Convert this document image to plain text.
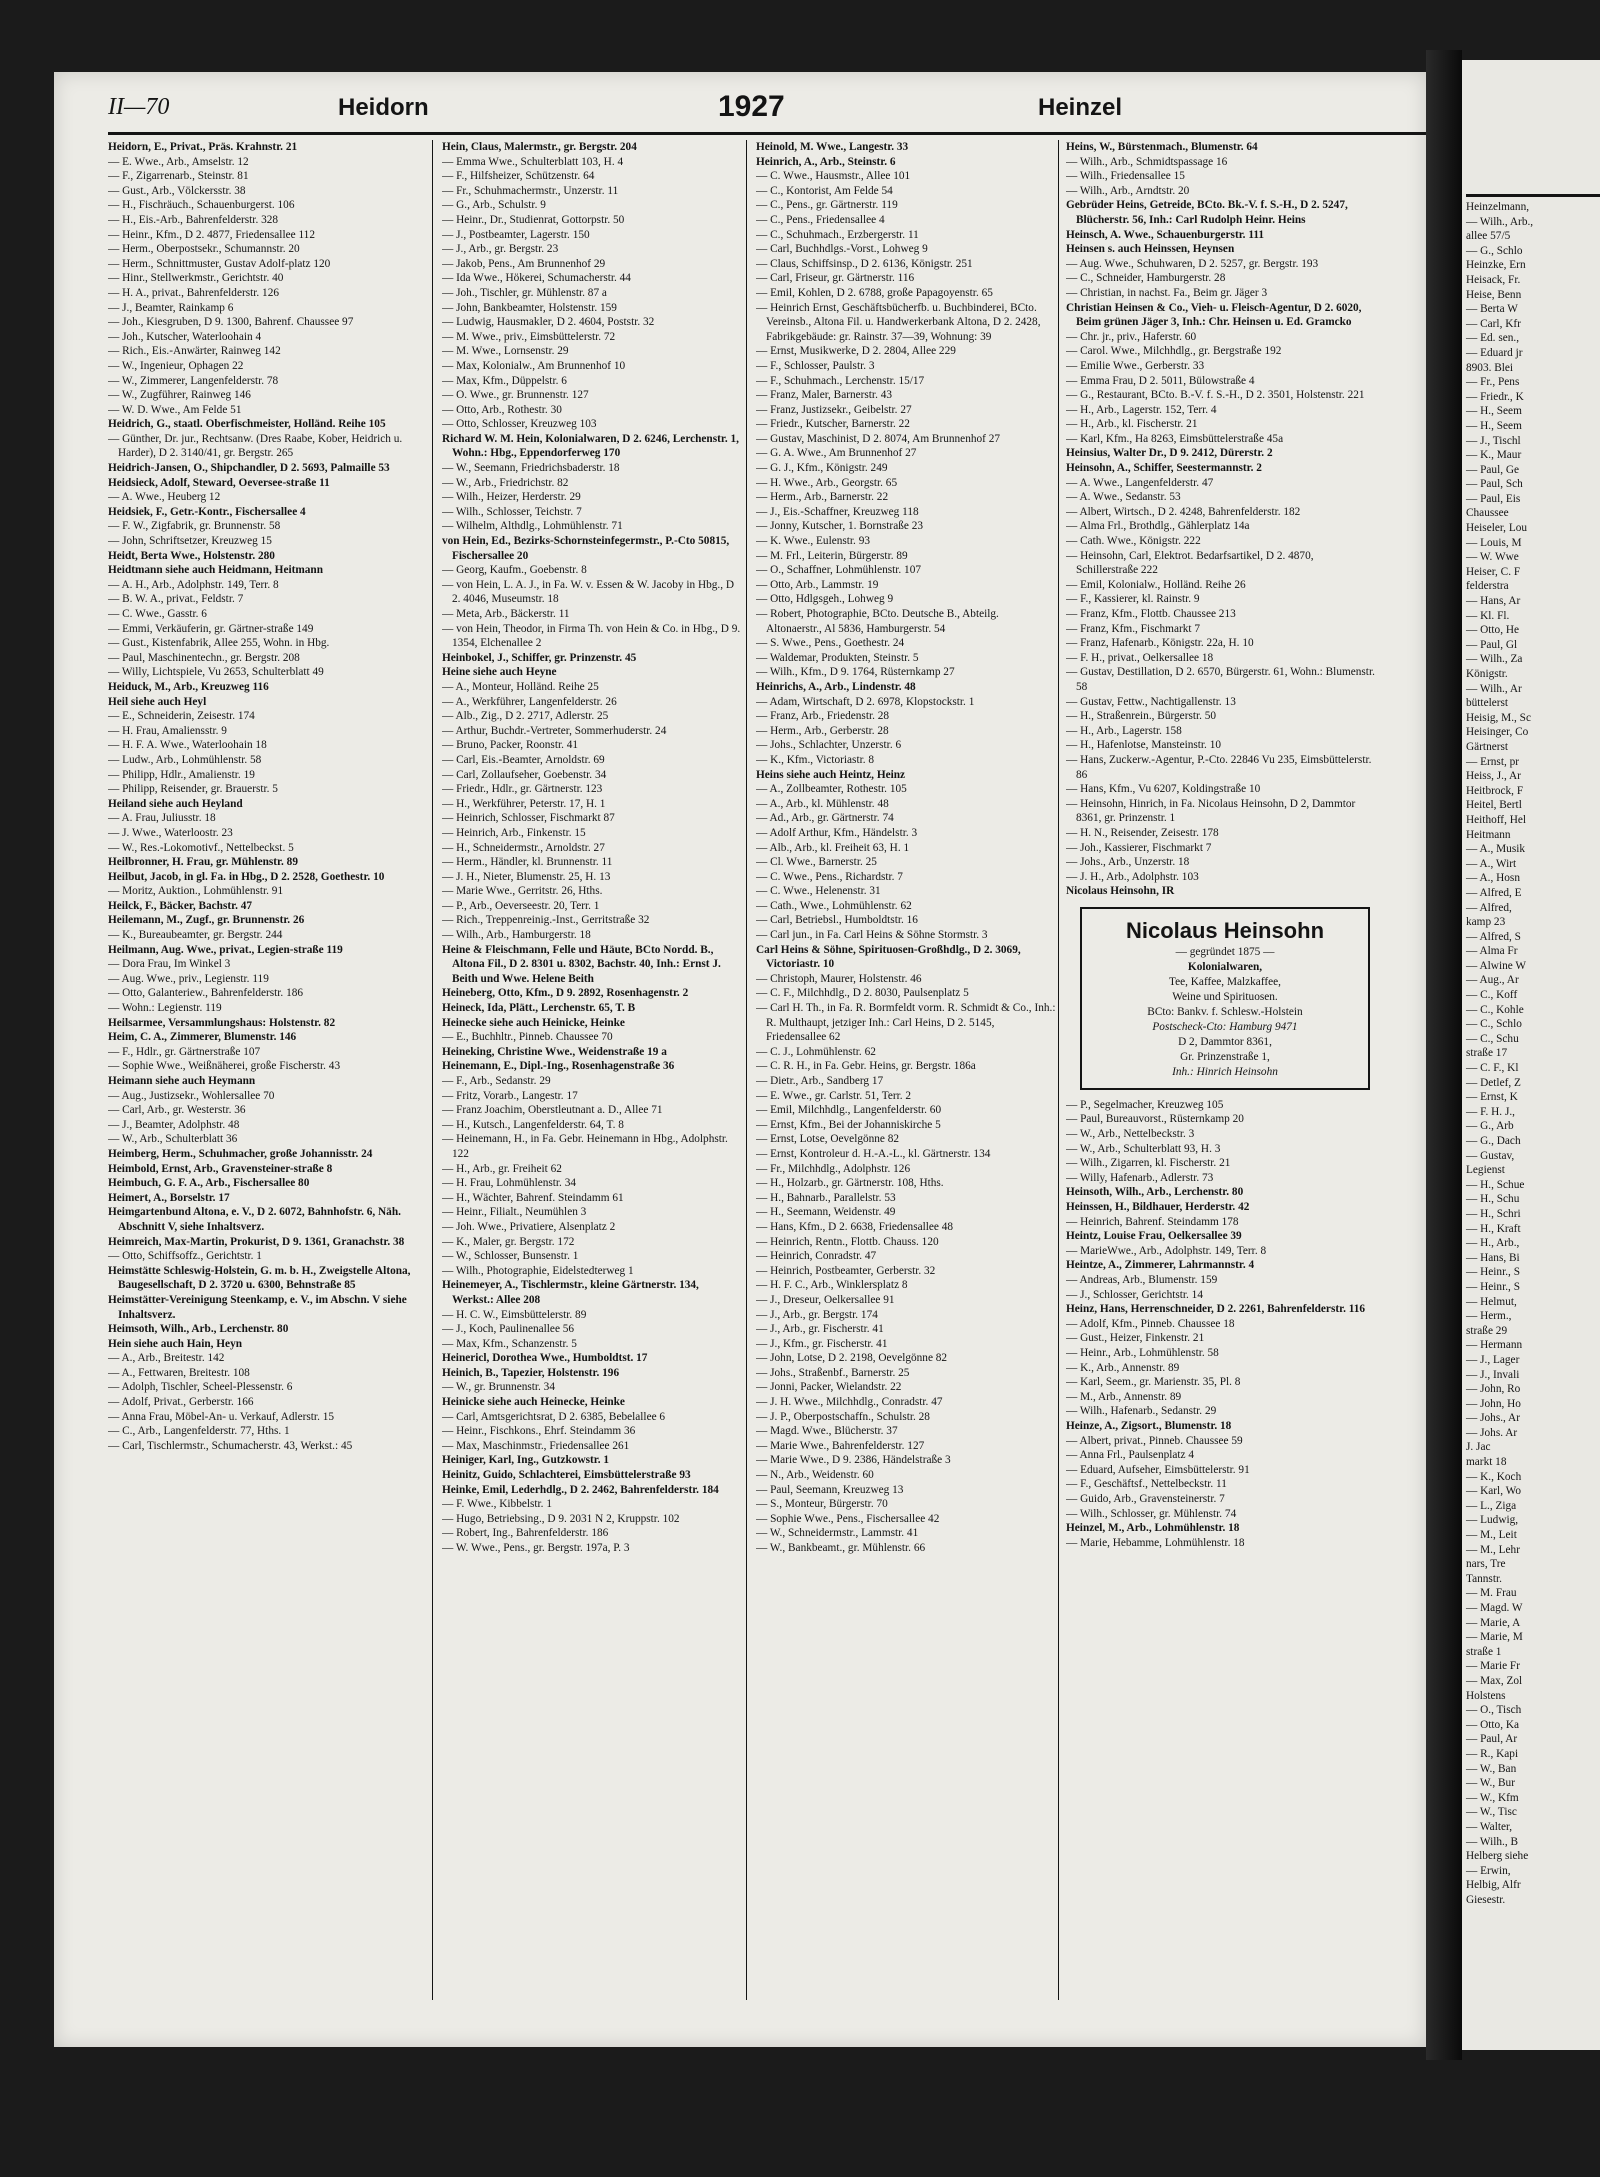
Heinzelmann,
— Wilh., Arb.,
allee 57/5
— G., Schlo
Heinzke, Ern
Heisack, Fr.
Heise, Benn
— Berta W
— Carl, Kfr
— Ed. sen.,
— Eduard jr
8903. Blei
— Fr., Pens
— Friedr., K
— H., Seem
— H., Seem
— J., Tischl
— K., Maur
— Paul, Ge
— Paul, Sch
— Paul, Eis
Chaussee
Heiseler, Lou
— Louis, M
— W. Wwe
Heiser, C. F
felderstra
— Hans, Ar
— Kl. Fl.
— Otto, He
— Paul, Gl
— Wilh., Za
Königstr.
— Wilh., Ar
büttelerst
Heisig, M., Sc
Heisinger, Co
Gärtnerst
— Ernst, pr
Heiss, J., Ar
Heitbrock, F
Heitel, Bertl
Heithoff, Hel
Heitmann
— A., Musik
— A., Wirt
— A., Hosn
— Alfred, E
— Alfred,
kamp 23
— Alfred, S
— Alma Fr
— Alwine W
— Aug., Ar
— C., Koff
— C., Kohle
— C., Schlo
— C., Schu
straße 17
— C. F., Kl
— Detlef, Z
— Ernst, K
— F. H. J.,
— G., Arb
— G., Dach
— Gustav,
Legienst
— H., Schue
— H., Schu
— H., Schri
— H., Kraft
— H., Arb.,
— Hans, Bi
— Heinr., S
— Heinr., S
— Helmut,
— Herm.,
straße 29
— Hermann
— J., Lager
— J., Invali
— John, Ro
— John, Ho
— Johs., Ar
— Johs. Ar
J. Jac
markt 18
— K., Koch
— Karl, Wo
— L., Ziga
— Ludwig,
— M., Leit
— M., Lehr
nars, Tre
Tannstr.
— M. Frau
— Magd. W
— Marie, A
— Marie, M
straße 1
— Marie Fr
— Max, Zol
Holstens
— O., Tisch
— Otto, Ka
— Paul, Ar
— R., Kapi
— W., Ban
— W., Bur
— W., Kfm
— W., Tisc
— Walter,
— Wilh., B
Helberg siehe
— Erwin,
Helbig, Alfr
Giesestr.
II—70	Heidorn	1927	Heinzel

Heidorn, E., Privat., Präs. Krahnstr. 21

— E. Wwe., Arb., Amselstr. 12

— F., Zigarrenarb., Steinstr. 81

— Gust., Arb., Völckersstr. 38

— H., Fischräuch., Schauenburgerst. 106

— H., Eis.-Arb., Bahrenfelderstr. 328

— Heinr., Kfm., D 2. 4877, Friedensallee 112

— Herm., Oberpostsekr., Schumannstr. 20

— Herm., Schnittmuster, Gustav Adolf-platz 120

— Hinr., Stellwerkmstr., Gerichtstr. 40

— H. A., privat., Bahrenfelderstr. 126

— J., Beamter, Rainkamp 6

— Joh., Kiesgruben, D 9. 1300, Bahrenf. Chaussee 97

— Joh., Kutscher, Waterloohain 4

— Rich., Eis.-Anwärter, Rainweg 142

— W., Ingenieur, Ophagen 22

— W., Zimmerer, Langenfelderstr. 78

— W., Zugführer, Rainweg 146

— W. D. Wwe., Am Felde 51

Heidrich, G., staatl. Oberfischmeister, Holländ. Reihe 105

— Günther, Dr. jur., Rechtsanw. (Dres Raabe, Kober, Heidrich u. Harder), D 2. 3140/41, gr. Bergstr. 265

Heidrich-Jansen, O., Shipchandler, D 2. 5693, Palmaille 53

Heidsieck, Adolf, Steward, Oeversee-straße 11

— A. Wwe., Heuberg 12

Heidsiek, F., Getr.-Kontr., Fischersallee 4

— F. W., Zigfabrik, gr. Brunnenstr. 58

— John, Schriftsetzer, Kreuzweg 15

Heidt, Berta Wwe., Holstenstr. 280

Heidtmann siehe auch Heidmann, Heitmann

— A. H., Arb., Adolphstr. 149, Terr. 8

— B. W. A., privat., Feldstr. 7

— C. Wwe., Gasstr. 6

— Emmi, Verkäuferin, gr. Gärtner-straße 149

— Gust., Kistenfabrik, Allee 255, Wohn. in Hbg.

— Paul, Maschinentechn., gr. Bergstr. 208

— Willy, Lichtspiele, Vu 2653, Schulterblatt 49

Heiduck, M., Arb., Kreuzweg 116

Heil siehe auch Heyl

— E., Schneiderin, Zeisestr. 174

— H. Frau, Amaliensstr. 9

— H. F. A. Wwe., Waterloohain 18

— Ludw., Arb., Lohmühlenstr. 58

— Philipp, Hdlr., Amalienstr. 19

— Philipp, Reisender, gr. Brauerstr. 5

Heiland siehe auch Heyland

— A. Frau, Juliusstr. 18

— J. Wwe., Waterloostr. 23

— W., Res.-Lokomotivf., Nettelbeckst. 5

Heilbronner, H. Frau, gr. Mühlenstr. 89

Heilbut, Jacob, in gl. Fa. in Hbg., D 2. 2528, Goethestr. 10

— Moritz, Auktion., Lohmühlenstr. 91

Heilck, F., Bäcker, Bachstr. 47

Heilemann, M., Zugf., gr. Brunnenstr. 26

— K., Bureaubeamter, gr. Bergstr. 244

Heilmann, Aug. Wwe., privat., Legien-straße 119

— Dora Frau, Im Winkel 3

— Aug. Wwe., priv., Legienstr. 119

— Otto, Galanteriew., Bahrenfelderstr. 186

— Wohn.: Legienstr. 119

Heilsarmee, Versammlungshaus: Holstenstr. 82

Heim, C. A., Zimmerer, Blumenstr. 146

— F., Hdlr., gr. Gärtnerstraße 107

— Sophie Wwe., Weißnäherei, große Fischerstr. 43

Heimann siehe auch Heymann

— Aug., Justizsekr., Wohlersallee 70

— Carl, Arb., gr. Westerstr. 36

— J., Beamter, Adolphstr. 48

— W., Arb., Schulterblatt 36

Heimberg, Herm., Schuhmacher, große Johannisstr. 24

Heimbold, Ernst, Arb., Gravensteiner-straße 8

Heimbuch, G. F. A., Arb., Fischersallee 80

Heimert, A., Borselstr. 17

Heimgartenbund Altona, e. V., D 2. 6072, Bahnhofstr. 6, Näh. Abschnitt V, siehe Inhaltsverz.

Heimreich, Max-Martin, Prokurist, D 9. 1361, Granachstr. 38

— Otto, Schiffsoffz., Gerichtstr. 1

Heimstätte Schleswig-Holstein, G. m. b. H., Zweigstelle Altona, Baugesellschaft, D 2. 3720 u. 6300, Behnstraße 85

Heimstätter-Vereinigung Steenkamp, e. V., im Abschn. V siehe Inhaltsverz.

Heimsoth, Wilh., Arb., Lerchenstr. 80

Hein siehe auch Hain, Heyn

— A., Arb., Breitestr. 142

— A., Fettwaren, Breitestr. 108

— Adolph, Tischler, Scheel-Plessenstr. 6

— Adolf, Privat., Gerberstr. 166

— Anna Frau, Möbel-An- u. Verkauf, Adlerstr. 15

— C., Arb., Langenfelderstr. 77, Hths. 1

— Carl, Tischlermstr., Schumacherstr. 43, Werkst.: 45

Hein, Claus, Malermstr., gr. Bergstr. 204

— Emma Wwe., Schulterblatt 103, H. 4

— F., Hilfsheizer, Schützenstr. 64

— Fr., Schuhmachermstr., Unzerstr. 11

— G., Arb., Schulstr. 9

— Heinr., Dr., Studienrat, Gottorpstr. 50

— J., Postbeamter, Lagerstr. 150

— J., Arb., gr. Bergstr. 23

— Jakob, Pens., Am Brunnenhof 29

— Ida Wwe., Hökerei, Schumacherstr. 44

— Joh., Tischler, gr. Mühlenstr. 87 a

— John, Bankbeamter, Holstenstr. 159

— Ludwig, Hausmakler, D 2. 4604, Poststr. 32

— M. Wwe., priv., Eimsbüttelerstr. 72

— M. Wwe., Lornsenstr. 29

— Max, Kolonialw., Am Brunnenhof 10

— Max, Kfm., Düppelstr. 6

— O. Wwe., gr. Brunnenstr. 127

— Otto, Arb., Rothestr. 30

— Otto, Schlosser, Kreuzweg 103

Richard W. M. Hein, Kolonialwaren, D 2. 6246, Lerchenstr. 1, Wohn.: Hbg., Eppendorferweg 170

— W., Seemann, Friedrichsbaderstr. 18

— W., Arb., Friedrichstr. 82

— Wilh., Heizer, Herderstr. 29

— Wilh., Schlosser, Teichstr. 7

— Wilhelm, Althdlg., Lohmühlenstr. 71

von Hein, Ed., Bezirks-Schornsteinfegermstr., P.-Cto 50815, Fischersallee 20

— Georg, Kaufm., Goebenstr. 8

— von Hein, L. A. J., in Fa. W. v. Essen & W. Jacoby in Hbg., D 2. 4046, Museumstr. 18

— Meta, Arb., Bäckerstr. 11

— von Hein, Theodor, in Firma Th. von Hein & Co. in Hbg., D 9. 1354, Elchenallee 2

Heinbokel, J., Schiffer, gr. Prinzenstr. 45

Heine siehe auch Heyne

— A., Monteur, Holländ. Reihe 25

— A., Werkführer, Langenfelderstr. 26

— Alb., Zig., D 2. 2717, Adlerstr. 25

— Arthur, Buchdr.-Vertreter, Sommerhuderstr. 24

— Bruno, Packer, Roonstr. 41

— Carl, Eis.-Beamter, Arnoldstr. 69

— Carl, Zollaufseher, Goebenstr. 34

— Friedr., Hdlr., gr. Gärtnerstr. 123

— H., Werkführer, Peterstr. 17, H. 1

— Heinrich, Schlosser, Fischmarkt 87

— Heinrich, Arb., Finkenstr. 15

— H., Schneidermstr., Arnoldstr. 27

— Herm., Händler, kl. Brunnenstr. 11

— J. H., Nieter, Blumenstr. 25, H. 13

— Marie Wwe., Gerritstr. 26, Hths.

— P., Arb., Oeverseestr. 20, Terr. 1

— Rich., Treppenreinig.-Inst., Gerritstraße 32

— Wilh., Arb., Hamburgerstr. 18

Heine & Fleischmann, Felle und Häute, BCto Nordd. B., Altona Fil., D 2. 8301 u. 8302, Bachstr. 40, Inh.: Ernst J. Beith und Wwe. Helene Beith

Heineberg, Otto, Kfm., D 9. 2892, Rosenhagenstr. 2

Heineck, Ida, Plätt., Lerchenstr. 65, T. B

Heinecke siehe auch Heinicke, Heinke

— E., Buchhltr., Pinneb. Chaussee 70

Heineking, Christine Wwe., Weidenstraße 19 a

Heinemann, E., Dipl.-Ing., Rosenhagenstraße 36

— F., Arb., Sedanstr. 29

— Fritz, Vorarb., Langestr. 17

— Franz Joachim, Oberstleutnant a. D., Allee 71

— H., Kutsch., Langenfelderstr. 64, T. 8

— Heinemann, H., in Fa. Gebr. Heinemann in Hbg., Adolphstr. 122

— H., Arb., gr. Freiheit 62

— H. Frau, Lohmühlenstr. 34

— H., Wächter, Bahrenf. Steindamm 61

— Heinr., Filialt., Neumühlen 3

— Joh. Wwe., Privatiere, Alsenplatz 2

— K., Maler, gr. Bergstr. 172

— W., Schlosser, Bunsenstr. 1

— Wilh., Photographie, Eidelstedterweg 1

Heinemeyer, A., Tischlermstr., kleine Gärtnerstr. 134, Werkst.: Allee 208

— H. C. W., Eimsbüttelerstr. 89

— J., Koch, Paulinenallee 56

— Max, Kfm., Schanzenstr. 5

Heinericl, Dorothea Wwe., Humboldtst. 17

Heinich, B., Tapezier, Holstenstr. 196

— W., gr. Brunnenstr. 34

Heinicke siehe auch Heinecke, Heinke

— Carl, Amtsgerichtsrat, D 2. 6385, Bebelallee 6

— Heinr., Fischkons., Ehrf. Steindamm 36

— Max, Maschinmstr., Friedensallee 261

Heiniger, Karl, Ing., Gutzkowstr. 1

Heinitz, Guido, Schlachterei, Eimsbüttelerstraße 93

Heinke, Emil, Lederhdlg., D 2. 2462, Bahrenfelderstr. 184

— F. Wwe., Kibbelstr. 1

— Hugo, Betriebsing., D 9. 2031 N 2, Kruppstr. 102

— Robert, Ing., Bahrenfelderstr. 186

— W. Wwe., Pens., gr. Bergstr. 197a, P. 3

Heinold, M. Wwe., Langestr. 33

Heinrich, A., Arb., Steinstr. 6

— C. Wwe., Hausmstr., Allee 101

— C., Kontorist, Am Felde 54

— C., Pens., gr. Gärtnerstr. 119

— C., Pens., Friedensallee 4

— C., Schuhmach., Erzbergerstr. 11

— Carl, Buchhdlgs.-Vorst., Lohweg 9

— Claus, Schiffsinsp., D 2. 6136, Königstr. 251

— Carl, Friseur, gr. Gärtnerstr. 116

— Emil, Kohlen, D 2. 6788, große Papagoyenstr. 65

— Heinrich Ernst, Geschäftsbücherfb. u. Buchbinderei, BCto. Vereinsb., Altona Fil. u. Handwerkerbank Altona, D 2. 2428, Fabrikgebäude: gr. Rainstr. 37—39, Wohnung: 39

— Ernst, Musikwerke, D 2. 2804, Allee 229

— F., Schlosser, Paulstr. 3

— F., Schuhmach., Lerchenstr. 15/17

— Franz, Maler, Barnerstr. 43

— Franz, Justizsekr., Geibelstr. 27

— Friedr., Kutscher, Barnerstr. 22

— Gustav, Maschinist, D 2. 8074, Am Brunnenhof 27

— G. A. Wwe., Am Brunnenhof 27

— G. J., Kfm., Königstr. 249

— H. Wwe., Arb., Georgstr. 65

— Herm., Arb., Barnerstr. 22

— J., Eis.-Schaffner, Kreuzweg 118

— Jonny, Kutscher, 1. Bornstraße 23

— K. Wwe., Eulenstr. 93

— M. Frl., Leiterin, Bürgerstr. 89

— O., Schaffner, Lohmühlenstr. 107

— Otto, Arb., Lammstr. 19

— Otto, Hdlgsgeh., Lohweg 9

— Robert, Photographie, BCto. Deutsche B., Abteilg. Altonaerstr., Al 5836, Hamburgerstr. 54

— S. Wwe., Pens., Goethestr. 24

— Waldemar, Produkten, Steinstr. 5

— Wilh., Kfm., D 9. 1764, Rüsternkamp 27

Heinrichs, A., Arb., Lindenstr. 48

— Adam, Wirtschaft, D 2. 6978, Klopstockstr. 1

— Franz, Arb., Friedenstr. 28

— Herm., Arb., Gerberstr. 28

— Johs., Schlachter, Unzerstr. 6

— K., Kfm., Victoriastr. 8

Heins siehe auch Heintz, Heinz

— A., Zollbeamter, Rothestr. 105

— A., Arb., kl. Mühlenstr. 48

— Ad., Arb., gr. Gärtnerstr. 74

— Adolf Arthur, Kfm., Händelstr. 3

— Alb., Arb., kl. Freiheit 63, H. 1

— Cl. Wwe., Barnerstr. 25

— C. Wwe., Pens., Richardstr. 7

— C. Wwe., Helenenstr. 31

— Cath., Wwe., Lohmühlenstr. 62

— Carl, Betriebsl., Humboldtstr. 16

— Carl jun., in Fa. Carl Heins & Söhne Stormstr. 3

Carl Heins & Söhne, Spirituosen-Großhdlg., D 2. 3069, Victoriastr. 10

— Christoph, Maurer, Holstenstr. 46

— C. F., Milchhdlg., D 2. 8030, Paulsenplatz 5

— Carl H. Th., in Fa. R. Bormfeldt vorm. R. Schmidt & Co., Inh.: R. Multhaupt, jetziger Inh.: Carl Heins, D 2. 5145, Friedensallee 62

— C. J., Lohmühlenstr. 62

— C. R. H., in Fa. Gebr. Heins, gr. Bergstr. 186a

— Dietr., Arb., Sandberg 17

— E. Wwe., gr. Carlstr. 51, Terr. 2

— Emil, Milchhdlg., Langenfelderstr. 60

— Ernst, Kfm., Bei der Johanniskirche 5

— Ernst, Lotse, Oevelgönne 82

— Ernst, Kontroleur d. H.-A.-L., kl. Gärtnerstr. 134

— Fr., Milchhdlg., Adolphstr. 126

— H., Holzarb., gr. Gärtnerstr. 108, Hths.

— H., Bahnarb., Parallelstr. 53

— H., Seemann, Weidenstr. 49

— Hans, Kfm., D 2. 6638, Friedensallee 48

— Heinrich, Rentn., Flottb. Chauss. 120

— Heinrich, Conradstr. 47

— Heinrich, Postbeamter, Gerberstr. 32

— H. F. C., Arb., Winklersplatz 8

— J., Dreseur, Oelkersallee 91

— J., Arb., gr. Bergstr. 174

— J., Arb., gr. Fischerstr. 41

— J., Kfm., gr. Fischerstr. 41

— John, Lotse, D 2. 2198, Oevelgönne 82

— Johs., Straßenbf., Barnerstr. 25

— Jonni, Packer, Wielandstr. 22

— J. H. Wwe., Milchhdlg., Conradstr. 47

— J. P., Oberpostschaffn., Schulstr. 28

— Magd. Wwe., Blücherstr. 37

— Marie Wwe., Bahrenfelderstr. 127

— Marie Wwe., D 9. 2386, Händelstraße 3

— N., Arb., Weidenstr. 60

— Paul, Seemann, Kreuzweg 13

— S., Monteur, Bürgerstr. 70

— Sophie Wwe., Pens., Fischersallee 42

— W., Schneidermstr., Lammstr. 41

— W., Bankbeamt., gr. Mühlenstr. 66

Heins, W., Bürstenmach., Blumenstr. 64

— Wilh., Arb., Schmidtspassage 16

— Wilh., Friedensallee 15

— Wilh., Arb., Arndtstr. 20

Gebrüder Heins, Getreide, BCto. Bk.-V. f. S.-H., D 2. 5247, Blücherstr. 56, Inh.: Carl Rudolph Heinr. Heins

Heinsch, A. Wwe., Schauenburgerstr. 111

Heinsen s. auch Heinssen, Heynsen

— Aug. Wwe., Schuhwaren, D 2. 5257, gr. Bergstr. 193

— C., Schneider, Hamburgerstr. 28

— Christian, in nachst. Fa., Beim gr. Jäger 3

Christian Heinsen & Co., Vieh- u. Fleisch-Agentur, D 2. 6020, Beim grünen Jäger 3, Inh.: Chr. Heinsen u. Ed. Gramcko

— Chr. jr., priv., Haferstr. 60

— Carol. Wwe., Milchhdlg., gr. Bergstraße 192

— Emilie Wwe., Gerberstr. 33

— Emma Frau, D 2. 5011, Bülowstraße 4

— G., Restaurant, BCto. B.-V. f. S.-H., D 2. 3501, Holstenstr. 221

— H., Arb., Lagerstr. 152, Terr. 4

— H., Arb., kl. Fischerstr. 21

— Karl, Kfm., Ha 8263, Eimsbüttelerstraße 45a

Heinsius, Walter Dr., D 9. 2412, Dürerstr. 2

Heinsohn, A., Schiffer, Seestermannstr. 2

— A. Wwe., Langenfelderstr. 47

— A. Wwe., Sedanstr. 53

— Albert, Wirtsch., D 2. 4248, Bahrenfelderstr. 182

— Alma Frl., Brothdlg., Gählerplatz 14a

— Cath. Wwe., Königstr. 222

— Heinsohn, Carl, Elektrot. Bedarfsartikel, D 2. 4870, Schillerstraße 222

— Emil, Kolonialw., Holländ. Reihe 26

— F., Kassierer, kl. Rainstr. 9

— Franz, Kfm., Flottb. Chaussee 213

— Franz, Kfm., Fischmarkt 7

— Franz, Hafenarb., Königstr. 22a, H. 10

— F. H., privat., Oelkersallee 18

— Gustav, Destillation, D 2. 6570, Bürgerstr. 61, Wohn.: Blumenstr. 58

— Gustav, Fettw., Nachtigallenstr. 13

— H., Straßenrein., Bürgerstr. 50

— H., Arb., Lagerstr. 158

— H., Hafenlotse, Mansteinstr. 10

— Hans, Zuckerw.-Agentur, P.-Cto. 22846 Vu 235, Eimsbüttelerstr. 86

— Hans, Kfm., Vu 6207, Koldingstraße 10

— Heinsohn, Hinrich, in Fa. Nicolaus Heinsohn, D 2, Dammtor 8361, gr. Prinzenstr. 1

— H. N., Reisender, Zeisestr. 178

— Joh., Kassierer, Fischmarkt 7

— Johs., Arb., Unzerstr. 18

— J. H., Arb., Adolphstr. 103

Nicolaus Heinsohn, IR

Nicolaus Heinsohn
— gegründet 1875 —
Kolonialwaren,
Tee, Kaffee, Malzkaffee,
Weine und Spirituosen.
BCto: Bankv. f. Schlesw.-Holstein
Postscheck-Cto: Hamburg 9471
D 2, Dammtor 8361,
Gr. Prinzenstraße 1,
Inh.: Hinrich Heinsohn

— P., Segelmacher, Kreuzweg 105

— Paul, Bureauvorst., Rüsternkamp 20

— W., Arb., Nettelbeckstr. 3

— W., Arb., Schulterblatt 93, H. 3

— Wilh., Zigarren, kl. Fischerstr. 21

— Willy, Hafenarb., Adlerstr. 73

Heinsoth, Wilh., Arb., Lerchenstr. 80

Heinssen, H., Bildhauer, Herderstr. 42

— Heinrich, Bahrenf. Steindamm 178

Heintz, Louise Frau, Oelkersallee 39

— MarieWwe., Arb., Adolphstr. 149, Terr. 8

Heintze, A., Zimmerer, Lahrmannstr. 4

— Andreas, Arb., Blumenstr. 159

— J., Schlosser, Gerichtstr. 14

Heinz, Hans, Herrenschneider, D 2. 2261, Bahrenfelderstr. 116

— Adolf, Kfm., Pinneb. Chaussee 18

— Gust., Heizer, Finkenstr. 21

— Heinr., Arb., Lohmühlenstr. 58

— K., Arb., Annenstr. 89

— Karl, Seem., gr. Marienstr. 35, Pl. 8

— M., Arb., Annenstr. 89

— Wilh., Hafenarb., Sedanstr. 29

Heinze, A., Zigsort., Blumenstr. 18

— Albert, privat., Pinneb. Chaussee 59

— Anna Frl., Paulsenplatz 4

— Eduard, Aufseher, Eimsbüttelerstr. 91

— F., Geschäftsf., Nettelbeckstr. 11

— Guido, Arb., Gravensteinerstr. 7

— Wilh., Schlosser, gr. Mühlenstr. 74

Heinzel, M., Arb., Lohmühlenstr. 18

— Marie, Hebamme, Lohmühlenstr. 18
